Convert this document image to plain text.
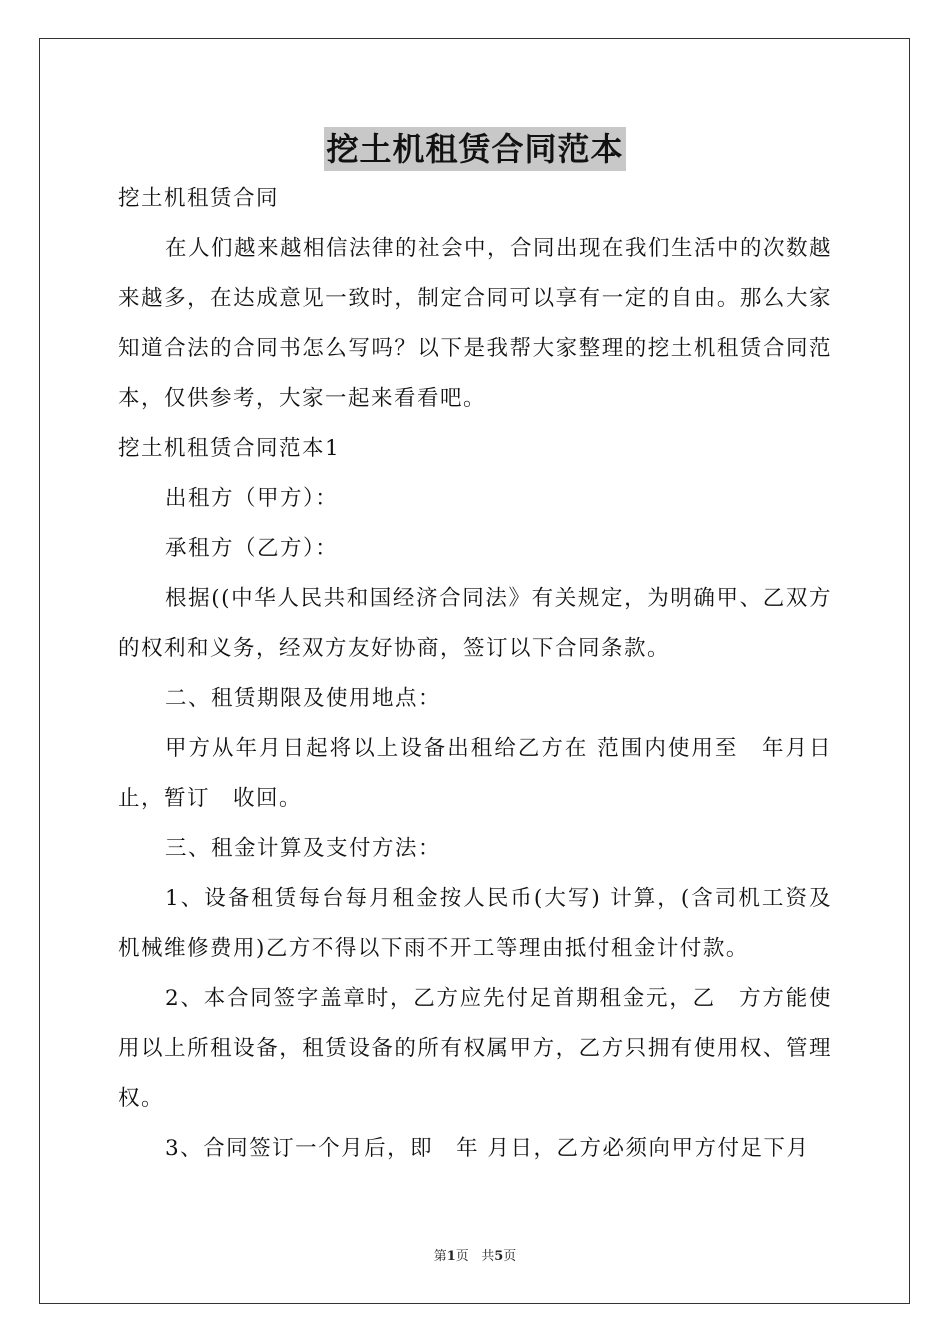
挖土机租赁合同范本

挖土机租赁合同

在人们越来越相信法律的社会中，合同出现在我们生活中的次数越来越多，在达成意见一致时，制定合同可以享有一定的自由。那么大家知道合法的合同书怎么写吗？以下是我帮大家整理的挖土机租赁合同范本，仅供参考，大家一起来看看吧。

挖土机租赁合同范本1

出租方（甲方）：

承租方（乙方）：

根据((中华人民共和国经济合同法》有关规定，为明确甲、乙双方的权利和义务，经双方友好协商，签订以下合同条款。

二、租赁期限及使用地点：

甲方从年月日起将以上设备出租给乙方在 范围内使用至　年月日止，暂订　收回。

三、租金计算及支付方法：

1、设备租赁每台每月租金按人民币(大写) 计算，(含司机工资及机械维修费用)乙方不得以下雨不开工等理由抵付租金计付款。

2、本合同签字盖章时，乙方应先付足首期租金元，乙　方方能使用以上所租设备，租赁设备的所有权属甲方，乙方只拥有使用权、管理权。

3、合同签订一个月后，即　年 月日，乙方必须向甲方付足下月

第1页 共5页
